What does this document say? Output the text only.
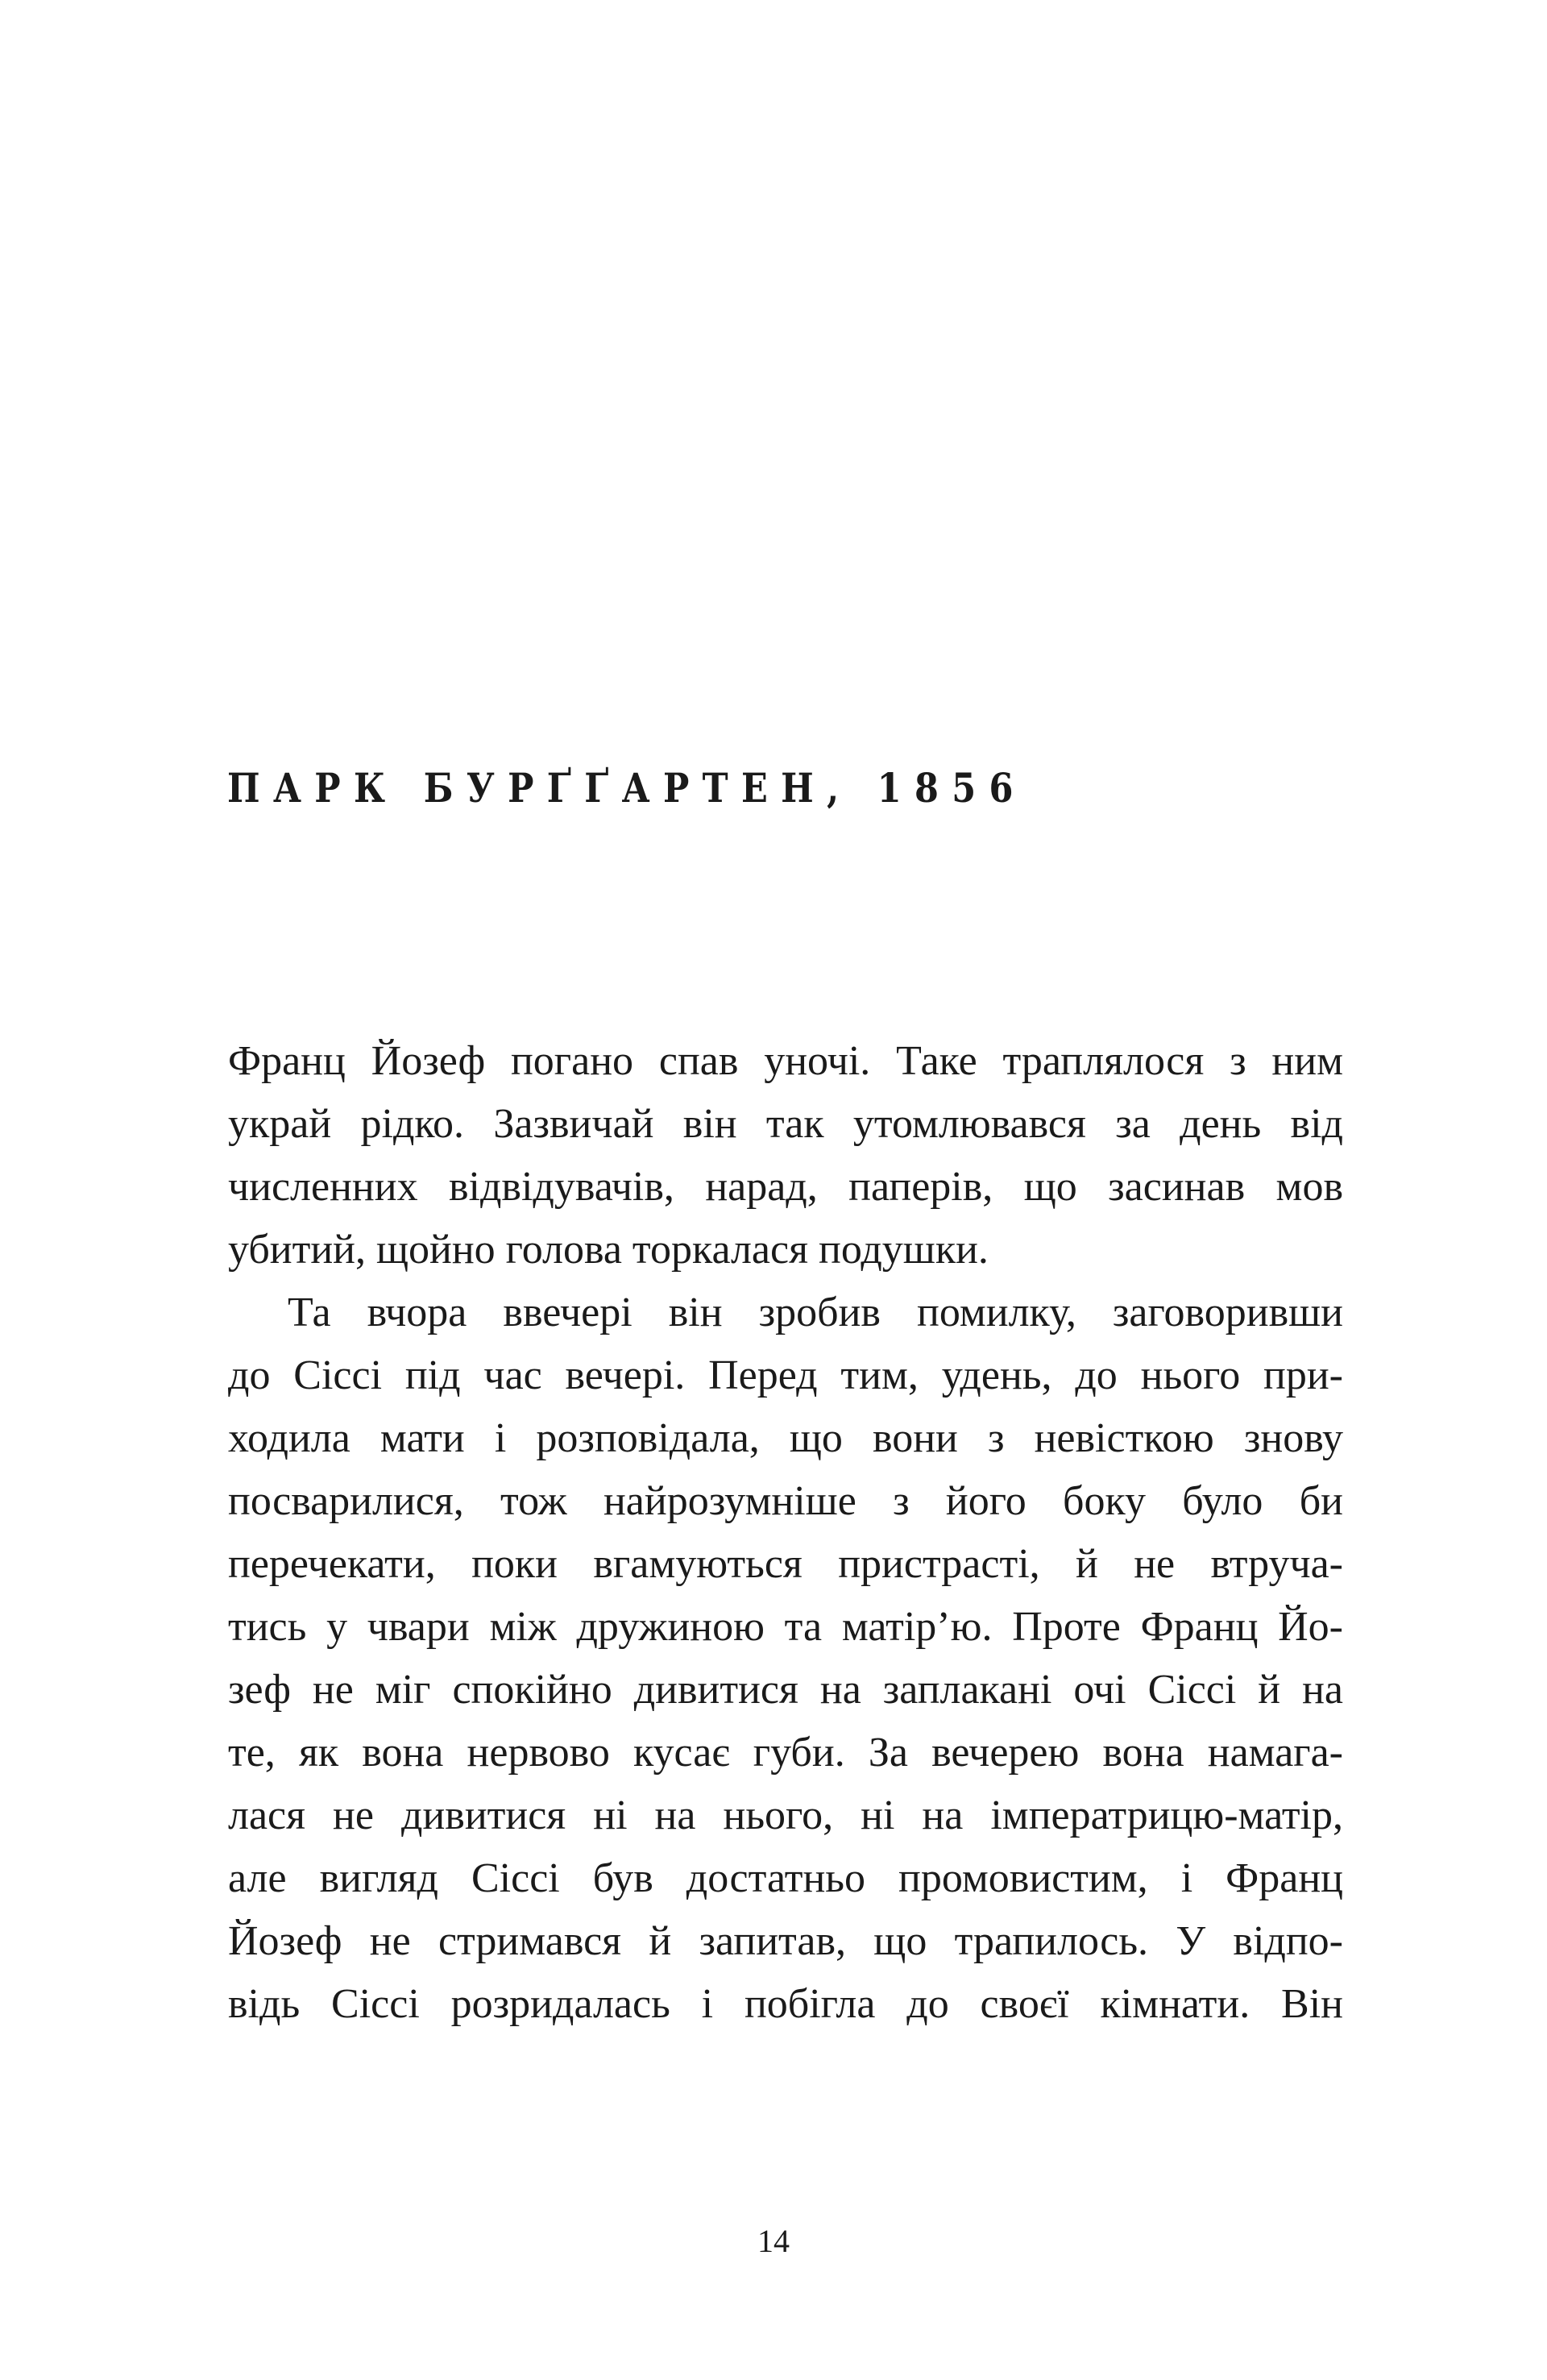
ПАРК БУРҐҐАРТЕН, 1856
Франц Йозеф погано спав уночі. Таке траплялося з ним
украй рідко. Зазвичай він так утомлювався за день від
численних відвідувачів, нарад, паперів, що засинав мов
убитий, щойно голова торкалася подушки.
Та вчора ввечері він зробив помилку, заговоривши
до Сіссі під час вечері. Перед тим, удень, до нього при-
ходила мати і розповідала, що вони з невісткою знову
посварилися, тож найрозумніше з його боку було би
перечекати, поки вгамуються пристрасті, й не втруча-
тись у чвари між дружиною та матір’ю. Проте Франц Йо-
зеф не міг спокійно дивитися на заплакані очі Сіссі й на
те, як вона нервово кусає губи. За вечерею вона намага-
лася не дивитися ні на нього, ні на імператрицю-матір,
але вигляд Сіссі був достатньо промовистим, і Франц
Йозеф не стримався й запитав, що трапилось. У відпо-
відь Сіссі розридалась і побігла до своєї кімнати. Він
14
